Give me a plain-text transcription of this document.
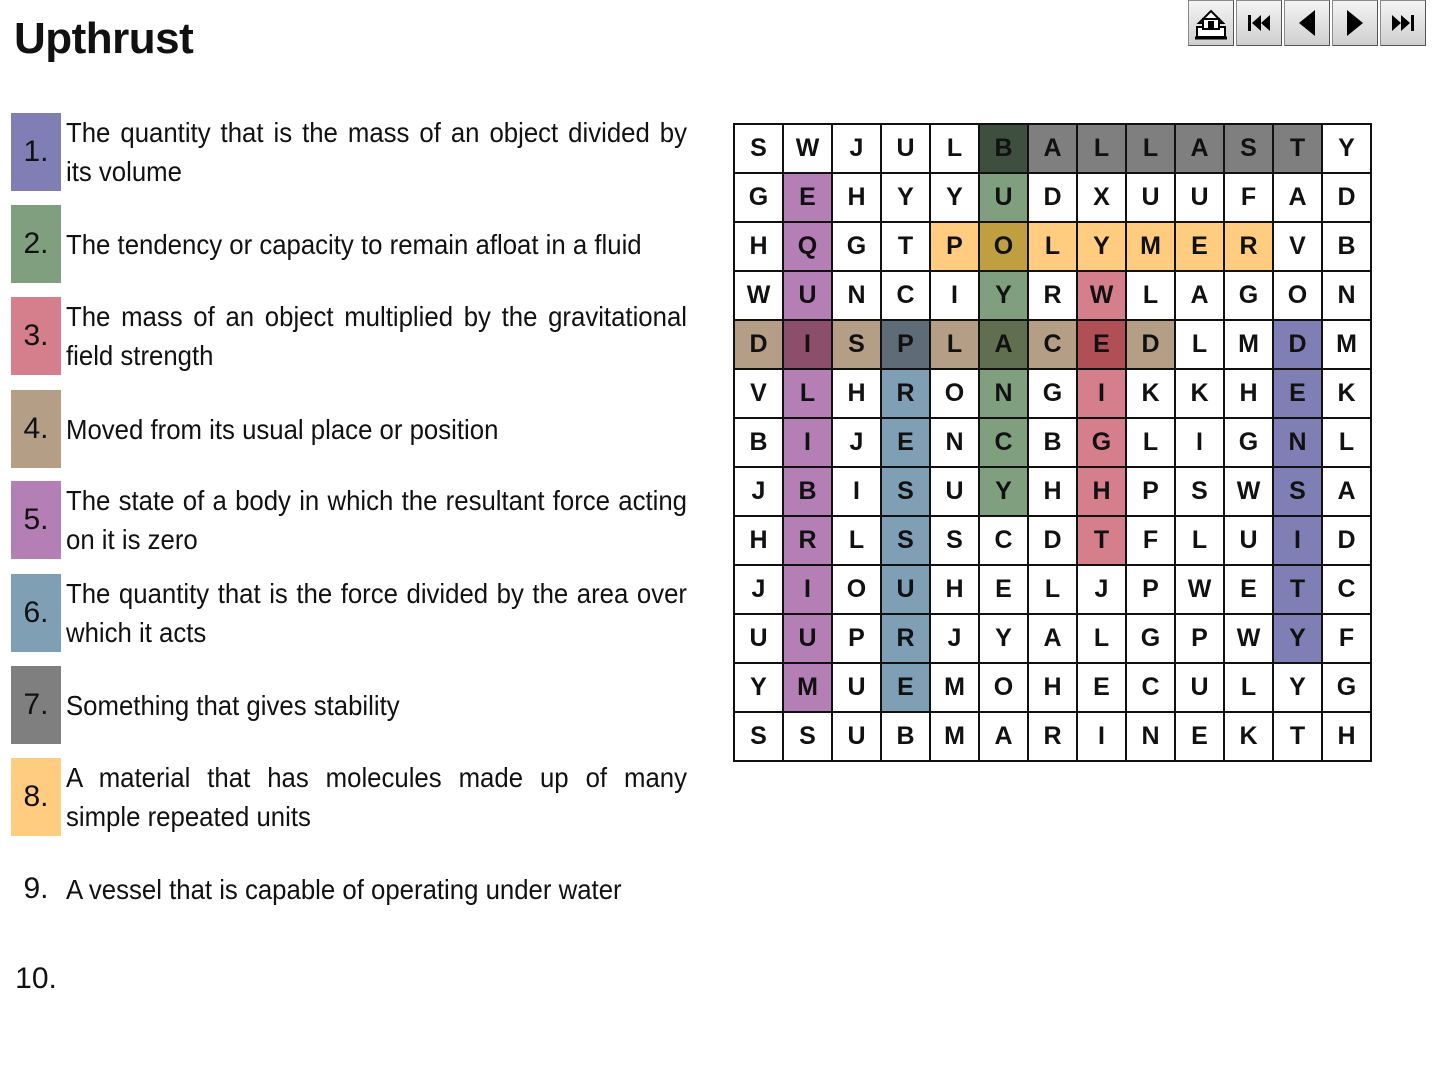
Upthrust
1.
The quantity that is the mass of an object divided by its volume
2. The tendency or capacity to remain afloat in a fluid
3.
The mass of an object multiplied by the gravitational field strength
4. Moved from its usual place or position
5.
The state of a body in which the resultant force acting on it is zero
6.
The quantity that is the force divided by the area over which it acts
7. Something that gives stability
8.
A material that has molecules made up of many simple repeated units
9. A vessel that is capable of operating under water
10.
S	W	J	U	L	B	A	L	L	A	S	T	Y
G	E	H	Y	Y	U	D	X	U	U	F	A	D
H	Q	G	T	P	O	L	Y	M	E	R	V	B
W	U	N	C	I	Y	R	W	L	A	G	O	N
D	I	S	P	L	A	C	E	D	L	M	D	M
V	L	H	R	O	N	G	I	K	K	H	E	K
B	I	J	E	N	C	B	G	L	I	G	N	L
J	B	I	S	U	Y	H	H	P	S	W	S	A
H	R	L	S	S	C	D	T	F	L	U	I	D
J	I	O	U	H	E	L	J	P	W	E	T	C
U	U	P	R	J	Y	A	L	G	P	W	Y	F
Y	M	U	E	M	O	H	E	C	U	L	Y	G
S	S	U	B	M	A	R	I	N	E	K	T	H
